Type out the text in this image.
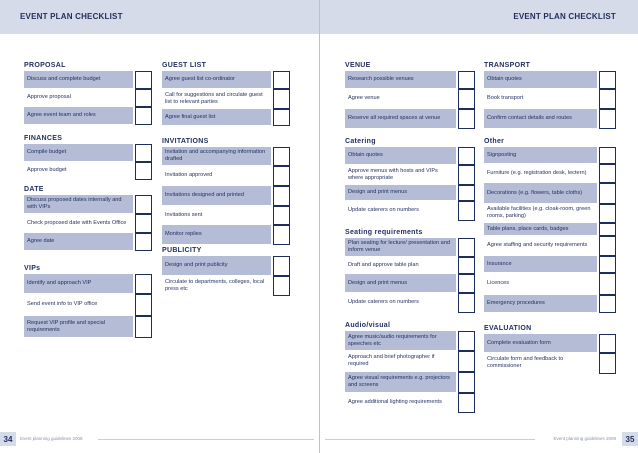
EVENT PLAN CHECKLIST	EVENT PLAN CHECKLIST
PROPOSAL
Discuss and complete budget
Approve proposal
Agree event team and roles
FINANCES
Compile budget
Approve budget
DATE
Discuss proposed dates internally and with VIPs
Check proposed date with Events Office
Agree date
VIPs
Identify and approach VIP
Send event info to VIP office
Request VIP profile and special requirements
GUEST LIST
Agree guest list co-ordinator
Call for suggestions and circulate guest list to relevant parties
Agree final guest list
INVITATIONS
Invitation and accompanying information drafted
Invitation approved
Invitations designed and printed
Invitations sent
Monitor replies
PUBLICITY
Design and print publicity
Circulate to departments, colleges, local press etc
VENUE
Research possible venues
Agree venue
Reserve all required spaces at venue
Catering
Obtain quotes
Approve menus with hosts and VIPs where appropriate
Design and print menus
Update caterers on numbers
Seating requirements
Plan seating for lecture/ presentation and inform venue
Draft and approve table plan
Design and print menus
Update caterers on numbers
Audio/visual
Agree music/audio requirements for speeches etc
Approach and brief photographer if required
Agree visual requirements e.g. projectors and screens
Agree additional lighting requirements
TRANSPORT
Obtain quotes
Book transport
Confirm contact details and routes
Other
Signposting
Furniture (e.g. registration desk, lectern)
Decorations (e.g. flowers, table cloths)
Available facilities (e.g. cloak-room, green rooms, parking)
Table plans, place cards, badges
Agree staffing and security requirements
Insurance
Licences
Emergency procedures
EVALUATION
Complete evaluation form
Circulate form and feedback to commissioner
34	Event planning guidelines 2008	Event planning guidelines 2008	35
